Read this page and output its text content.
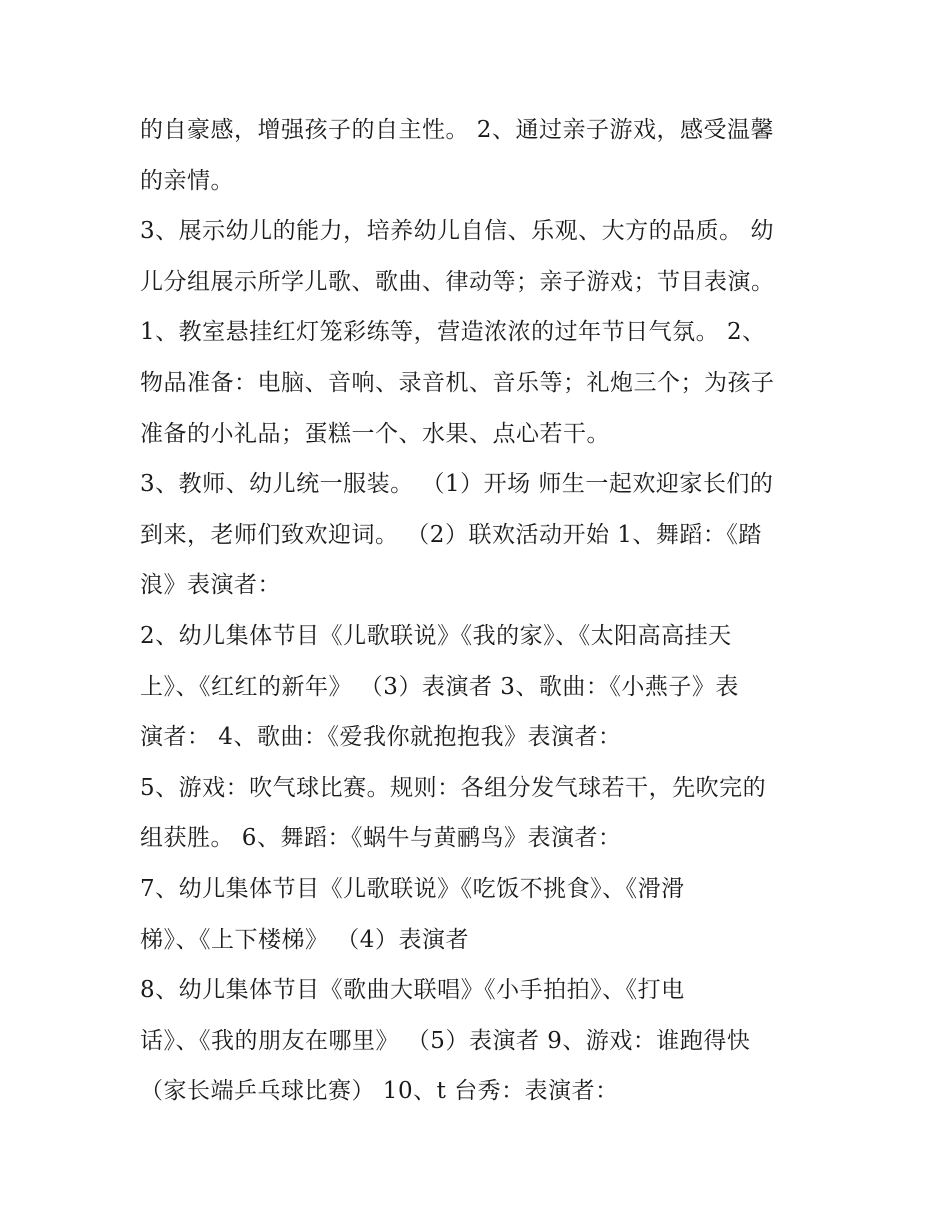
的自豪感，增强孩子的自主性。 2、通过亲子游戏，感受温馨
的亲情。
3、展示幼儿的能力，培养幼儿自信、乐观、大方的品质。 幼
儿分组展示所学儿歌、歌曲、律动等；亲子游戏；节目表演。
1、教室悬挂红灯笼彩练等，营造浓浓的过年节日气氛。 2、
物品准备：电脑、音响、录音机、音乐等；礼炮三个；为孩子
准备的小礼品；蛋糕一个、水果、点心若干。
3、教师、幼儿统一服装。 （1）开场 师生一起欢迎家长们的
到来，老师们致欢迎词。 （2）联欢活动开始 1、舞蹈：《踏
浪》表演者：
2、幼儿集体节目《儿歌联说》《我的家》、《太阳高高挂天
上》、《红红的新年》 （3）表演者 3、歌曲：《小燕子》表
演者： 4、歌曲：《爱我你就抱抱我》表演者：
5、游戏：吹气球比赛。规则：各组分发气球若干，先吹完的
组获胜。 6、舞蹈：《蜗牛与黄鹂鸟》表演者：
7、幼儿集体节目《儿歌联说》《吃饭不挑食》、《滑滑
梯》、《上下楼梯》 （4）表演者
8、幼儿集体节目《歌曲大联唱》《小手拍拍》、《打电
话》、《我的朋友在哪里》 （5）表演者 9、游戏：谁跑得快
（家长端乒乓球比赛） 10、t 台秀：表演者：
